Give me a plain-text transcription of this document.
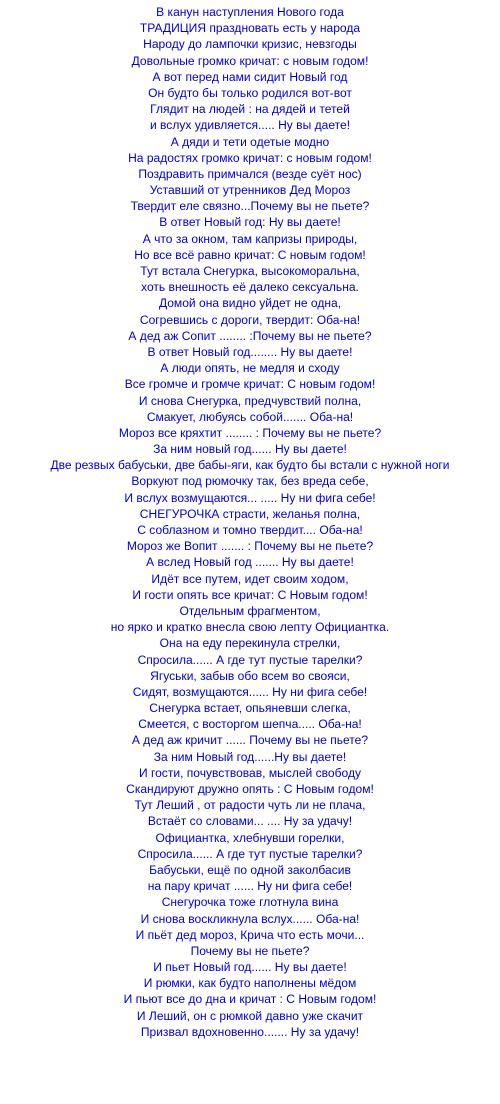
В канун наступления Нового года
ТРАДИЦИЯ праздновать есть у народа
Народу до лампочки кризис, невзгоды
Довольные громко кричат: с новым годом!
А вот перед нами сидит Новый год
Он будто бы только родился вот-вот
Глядит на людей : на дядей и тетей
и вслух удивляется..... Ну вы даете!
А дяди и тети одетые модно
На радостях громко кричат: с новым годом!
Поздравить примчался (везде суёт нос)
Уставший от утренников Дед Мороз
Твердит еле связно...Почему вы не пьете?
В ответ Новый год: Ну вы даете!
А что за окном, там капризы природы,
Но все всё равно кричат: С новым годом!
Тут встала Снегурка, высокоморальна,
хоть внешность её далеко сексуальна.
Домой она видно уйдет не одна,
Согревшись с дороги, твердит: Оба-на!
А дед аж Сопит ........ :Почему вы не пьете?
В ответ Новый год........ Ну вы даете!
А люди опять, не медля и сходу
Все громче и громче кричат: С новым годом!
И снова Снегурка, предчувствий полна,
Смакует, любуясь собой....... Оба-на!
Мороз все кряхтит ........ : Почему вы не пьете?
За ним новый год...... Ну вы даете!
Две резвых бабуськи, две бабы-яги, как будто бы встали с нужной ноги
Воркуют под рюмочку так, без вреда себе,
И вслух возмущаются... ..... Ну ни фига себе!
СНЕГУРОЧКА страсти, желанья полна,
С соблазном и томно твердит.... Оба-на!
Мороз же Вопит ....... : Почему вы не пьете?
А вслед Новый год ....... Ну вы даете!
Идёт все путем, идет своим ходом,
И гости опять все кричат: С Новым годом!
Отдельным фрагментом,
но ярко и кратко внесла свою лепту Официантка.
Она на еду перекинула стрелки,
Спросила...... А где тут пустые тарелки?
Ягуськи, забыв обо всем во свояси,
Сидят, возмущаются...... Ну ни фига себе!
Снегурка встает, опьяневши слегка,
Смеется, с восторгом шепча..... Оба-на!
А дед аж кричит ...... Почему вы не пьете?
За ним Новый год......Ну вы даете!
И гости, почувствовав, мыслей свободу
Скандируют дружно опять : С Новым годом!
Тут Леший , от радости чуть ли не плача,
Встаёт со словами... .... Ну за удачу!
Официантка, хлебнувши горелки,
Спросила...... А где тут пустые тарелки?
Бабуськи, ещё по одной заколбасив
на пару кричат ...... Ну ни фига себе!
Снегурочка тоже глотнула вина
И снова воскликнула вслух...... Оба-на!
И пьёт дед мороз, Крича что есть мочи...
Почему вы не пьете?
И пьет Новый год...... Ну вы даете!
И рюмки, как будто наполнены мёдом
И пьют все до дна и кричат : С Новым годом!
И Леший, он с рюмкой давно уже скачит
Призвал вдохновенно....... Ну за удачу!
